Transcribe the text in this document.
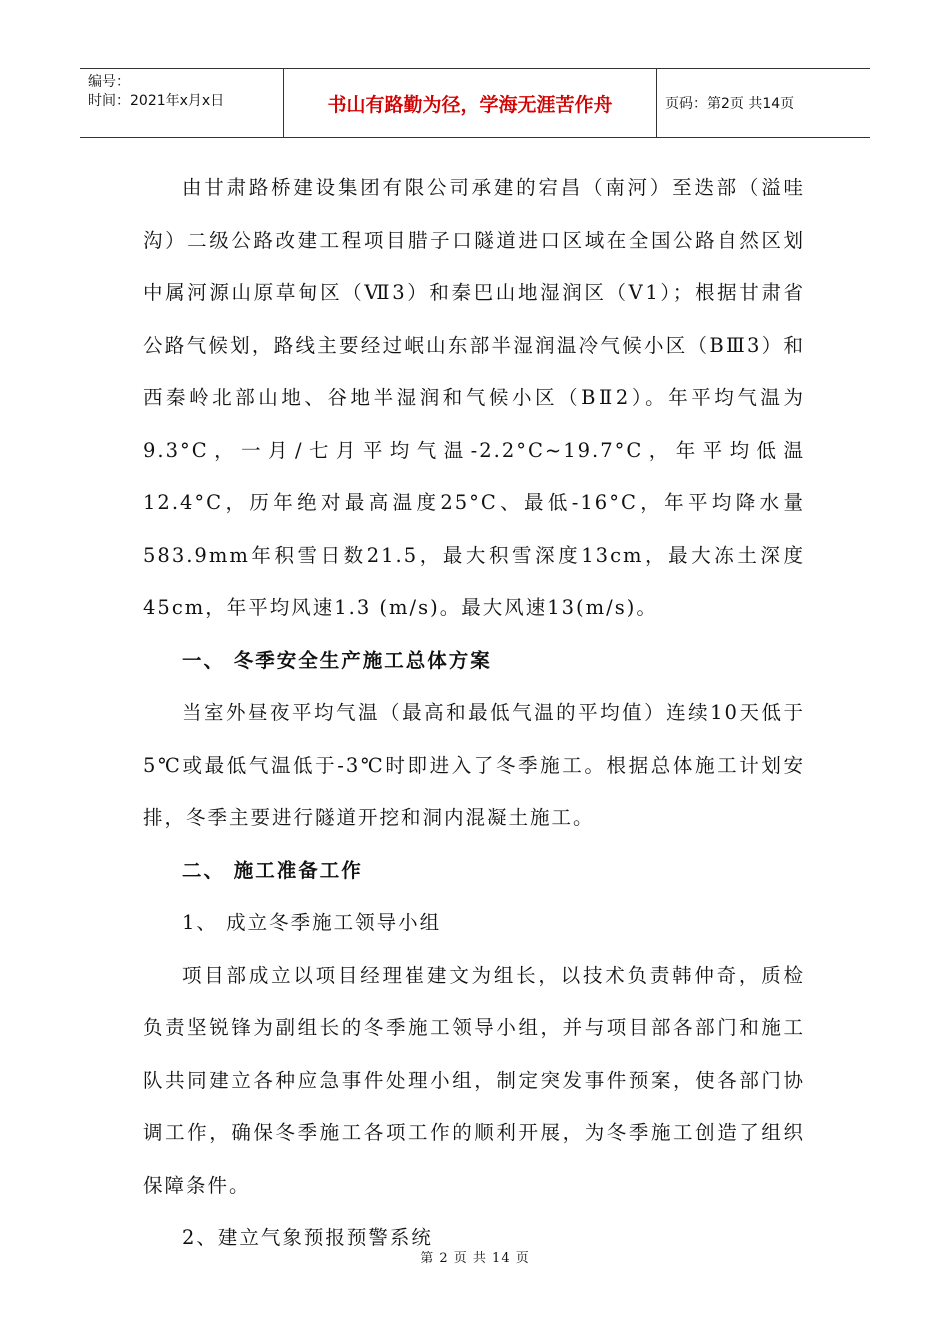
编号：
时间：2021年x月x日	书山有路勤为径，学海无涯苦作舟	页码：第2页 共14页

由甘肃路桥建设集团有限公司承建的宕昌（南河）至迭部（溢哇沟）二级公路改建工程项目腊子口隧道进口区域在全国公路自然区划中属河源山原草甸区（Ⅶ3）和秦巴山地湿润区（Ⅴ1）；根据甘肃省公路气候划，路线主要经过岷山东部半湿润温冷气候小区（BⅢ3）和西秦岭北部山地、谷地半湿润和气候小区（BⅡ2）。年平均气温为9.3°C，一月/七月平均气温-2.2°C~19.7°C，年平均低温12.4°C，历年绝对最高温度25°C、最低-16°C，年平均降水量583.9mm年积雪日数21.5，最大积雪深度13cm，最大冻土深度45cm，年平均风速1.3 (m/s)。最大风速13(m/s)。

一、 冬季安全生产施工总体方案

当室外昼夜平均气温（最高和最低气温的平均值）连续10天低于5℃或最低气温低于-3℃时即进入了冬季施工。根据总体施工计划安排，冬季主要进行隧道开挖和洞内混凝土施工。

二、 施工准备工作

1、 成立冬季施工领导小组

项目部成立以项目经理崔建文为组长，以技术负责韩仲奇，质检负责坚锐锋为副组长的冬季施工领导小组，并与项目部各部门和施工队共同建立各种应急事件处理小组，制定突发事件预案，使各部门协调工作，确保冬季施工各项工作的顺利开展，为冬季施工创造了组织保障条件。

2、建立气象预报预警系统

第 2 页 共 14 页
